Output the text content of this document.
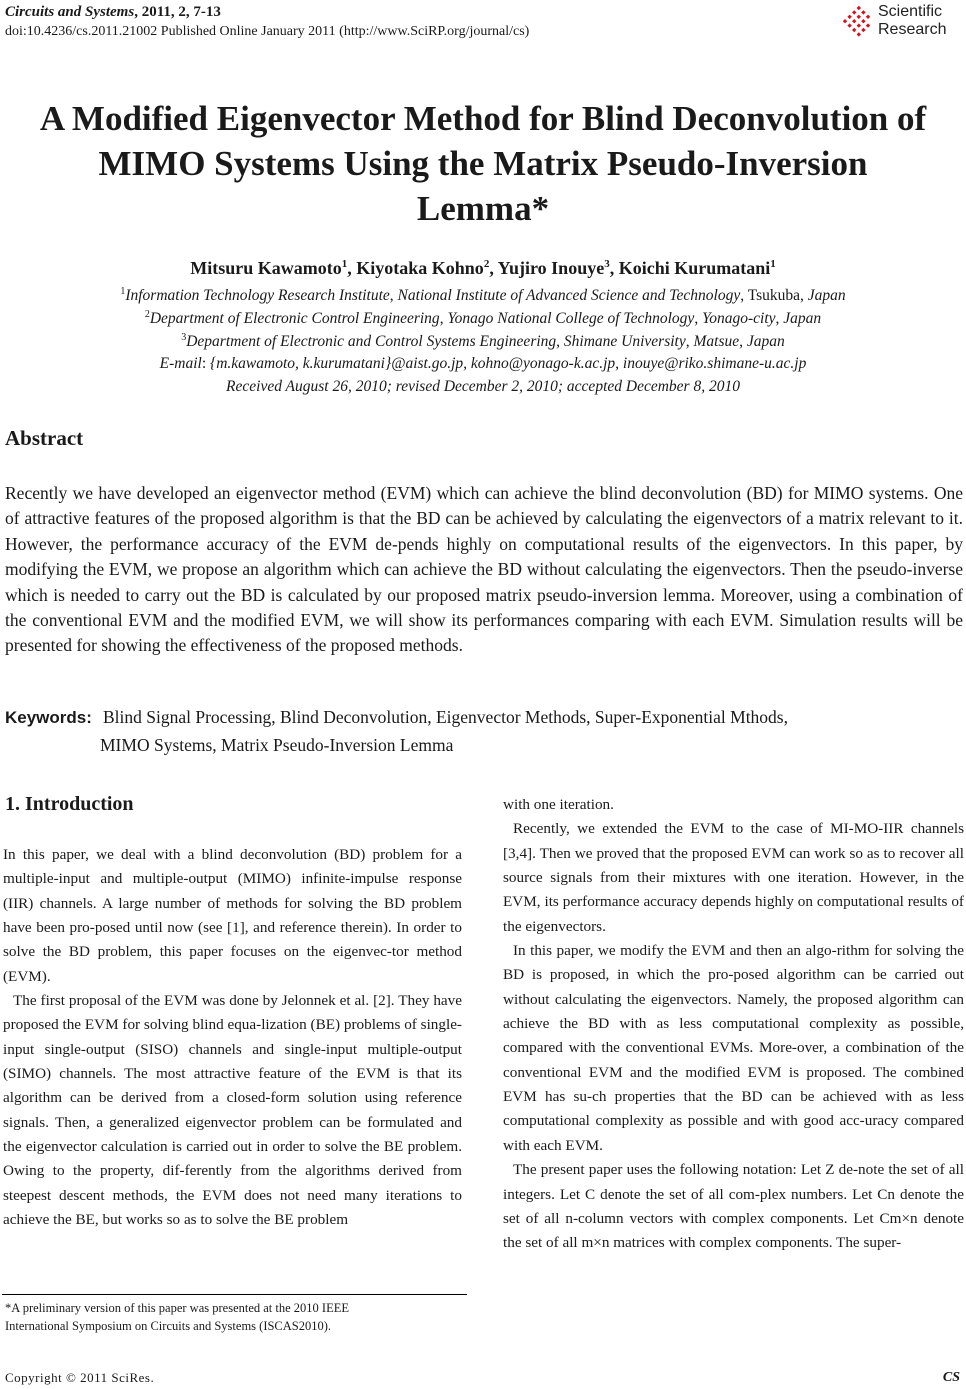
Circuits and Systems, 2011, 2, 7-13
doi:10.4236/cs.2011.21002 Published Online January 2011 (http://www.SciRP.org/journal/cs)
Scientific
Research
A Modified Eigenvector Method for Blind Deconvolution of
MIMO Systems Using the Matrix Pseudo-Inversion
Lemma*
Mitsuru Kawamoto$^1$, Kiyotaka Kohno$^2$, Yujiro Inouye$^3$, Koichi Kurumatani$^1$
$^1$Information Technology Research Institute, National Institute of Advanced Science and Technology, Tsukuba, Japan
$^2$Department of Electronic Control Engineering, Yonago National College of Technology, Yonago-city, Japan
$^3$Department of Electronic and Control Systems Engineering, Shimane University, Matsue, Japan
E-mail: {m.kawamoto, k.kurumatani}@aist.go.jp, kohno@yonago-k.ac.jp, inouye@riko.shimane-u.ac.jp
Received August 26, 2010; revised December 2, 2010; accepted December 8, 2010
Abstract
Recently we have developed an eigenvector method (EVM) which can achieve the blind deconvolution (BD) for MIMO systems. One of attractive features of the proposed algorithm is that the BD can be achieved by calculating the eigenvectors of a matrix relevant to it. However, the performance accuracy of the EVM de-pends highly on computational results of the eigenvectors. In this paper, by modifying the EVM, we propose an algorithm which can achieve the BD without calculating the eigenvectors. Then the pseudo-inverse which is needed to carry out the BD is calculated by our proposed matrix pseudo-inversion lemma. Moreover, using a combination of the conventional EVM and the modified EVM, we will show its performances comparing with each EVM. Simulation results will be presented for showing the effectiveness of the proposed methods.
Keywords: Blind Signal Processing, Blind Deconvolution, Eigenvector Methods, Super-Exponential Mthods,
MIMO Systems, Matrix Pseudo-Inversion Lemma
1. Introduction

In this paper, we deal with a blind deconvolution (BD) problem for a multiple-input and multiple-output (MIMO) infinite-impulse response (IIR) channels. A large number of methods for solving the BD problem have been pro-posed until now (see [1], and reference therein). In order to solve the BD problem, this paper focuses on the eigenvec-tor method (EVM).

The first proposal of the EVM was done by Jelonnek et al. [2]. They have proposed the EVM for solving blind equa-lization (BE) problems of single-input single-output (SISO) channels and single-input multiple-output (SIMO) channels. The most attractive feature of the EVM is that its algorithm can be derived from a closed-form solution using reference signals. Then, a generalized eigenvector problem can be formulated and the eigenvector calculation is carried out in order to solve the BE problem. Owing to the property, dif-ferently from the algorithms derived from steepest descent methods, the EVM does not need many iterations to achieve the BE, but works so as to solve the BE problem

with one iteration.

Recently, we extended the EVM to the case of MI-MO-IIR channels [3,4]. Then we proved that the proposed EVM can work so as to recover all source signals from their mixtures with one iteration. However, in the EVM, its performance accuracy depends highly on computational results of the eigenvectors.

In this paper, we modify the EVM and then an algo-rithm for solving the BD is proposed, in which the pro-posed algorithm can be carried out without calculating the eigenvectors. Namely, the proposed algorithm can achieve the BD with as less computational complexity as possible, compared with the conventional EVMs. More-over, a combination of the conventional EVM and the modified EVM is proposed. The combined EVM has su-ch properties that the BD can be achieved with as less computational complexity as possible and with good acc-uracy compared with each EVM.

The present paper uses the following notation: Let Z de-note the set of all integers. Let C denote the set of all com-plex numbers. Let Cn denote the set of all n-column vectors with complex components. Let Cm×n denote the set of all m×n matrices with complex components. The super-

*A preliminary version of this paper was presented at the 2010 IEEE
International Symposium on Circuits and Systems (ISCAS2010).
Copyright © 2011 SciRes.	CS
